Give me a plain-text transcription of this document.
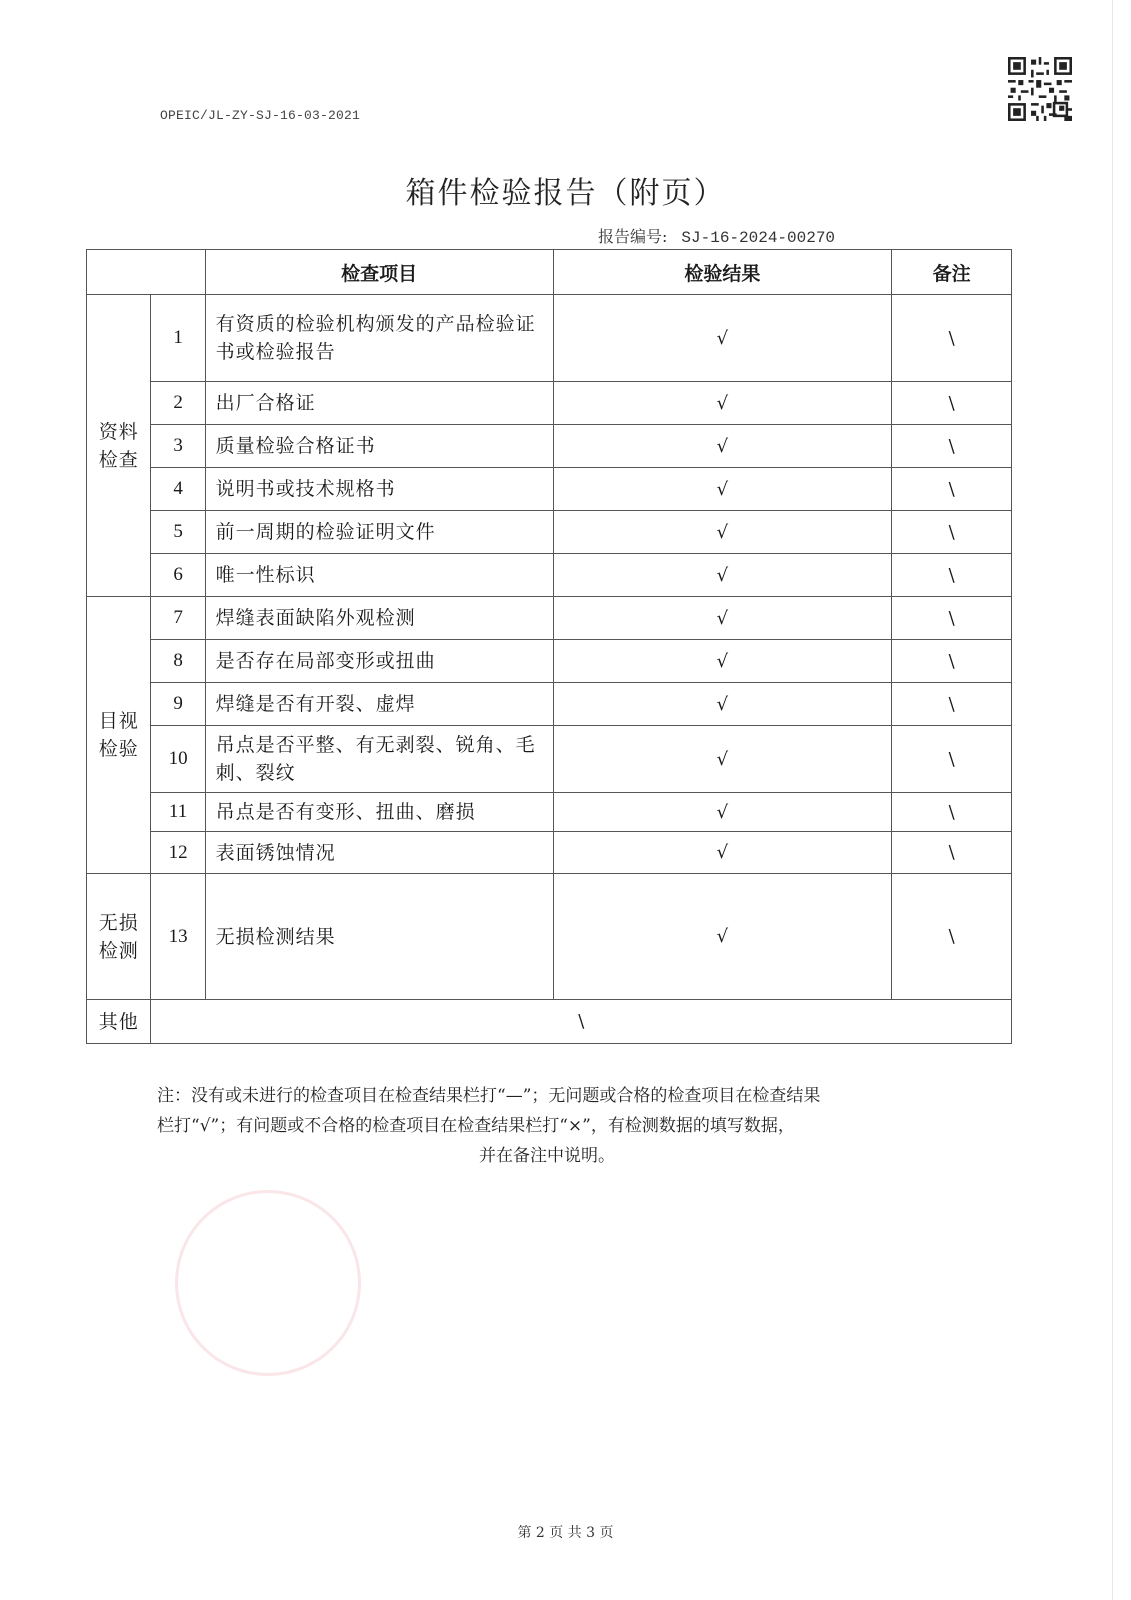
OPEIC/JL-ZY-SJ-16-03-2021
箱件检验报告（附页）
报告编号: SJ-16-2024-00270
		检查项目	检验结果	备注

资料检查	1	有资质的检验机构颁发的产品检验证书或检验报告	√	\
	2	出厂合格证	√	\
	3	质量检验合格证书	√	\
	4	说明书或技术规格书	√	\
	5	前一周期的检验证明文件	√	\
	6	唯一性标识	√	\

目视检验	7	焊缝表面缺陷外观检测	√	\
	8	是否存在局部变形或扭曲	√	\
	9	焊缝是否有开裂、虚焊	√	\
	10	吊点是否平整、有无剥裂、锐角、毛刺、裂纹	√	\
	11	吊点是否有变形、扭曲、磨损	√	\
	12	表面锈蚀情况	√	\

无损检测	13	无损检测结果	√	\
其他	\			

注：没有或未进行的检查项目在检查结果栏打“—”；无问题或合格的检查项目在检查结果

栏打“√”；有问题或不合格的检查项目在检查结果栏打“×”，有检测数据的填写数据，

并在备注中说明。

第 2 页 共 3 页
